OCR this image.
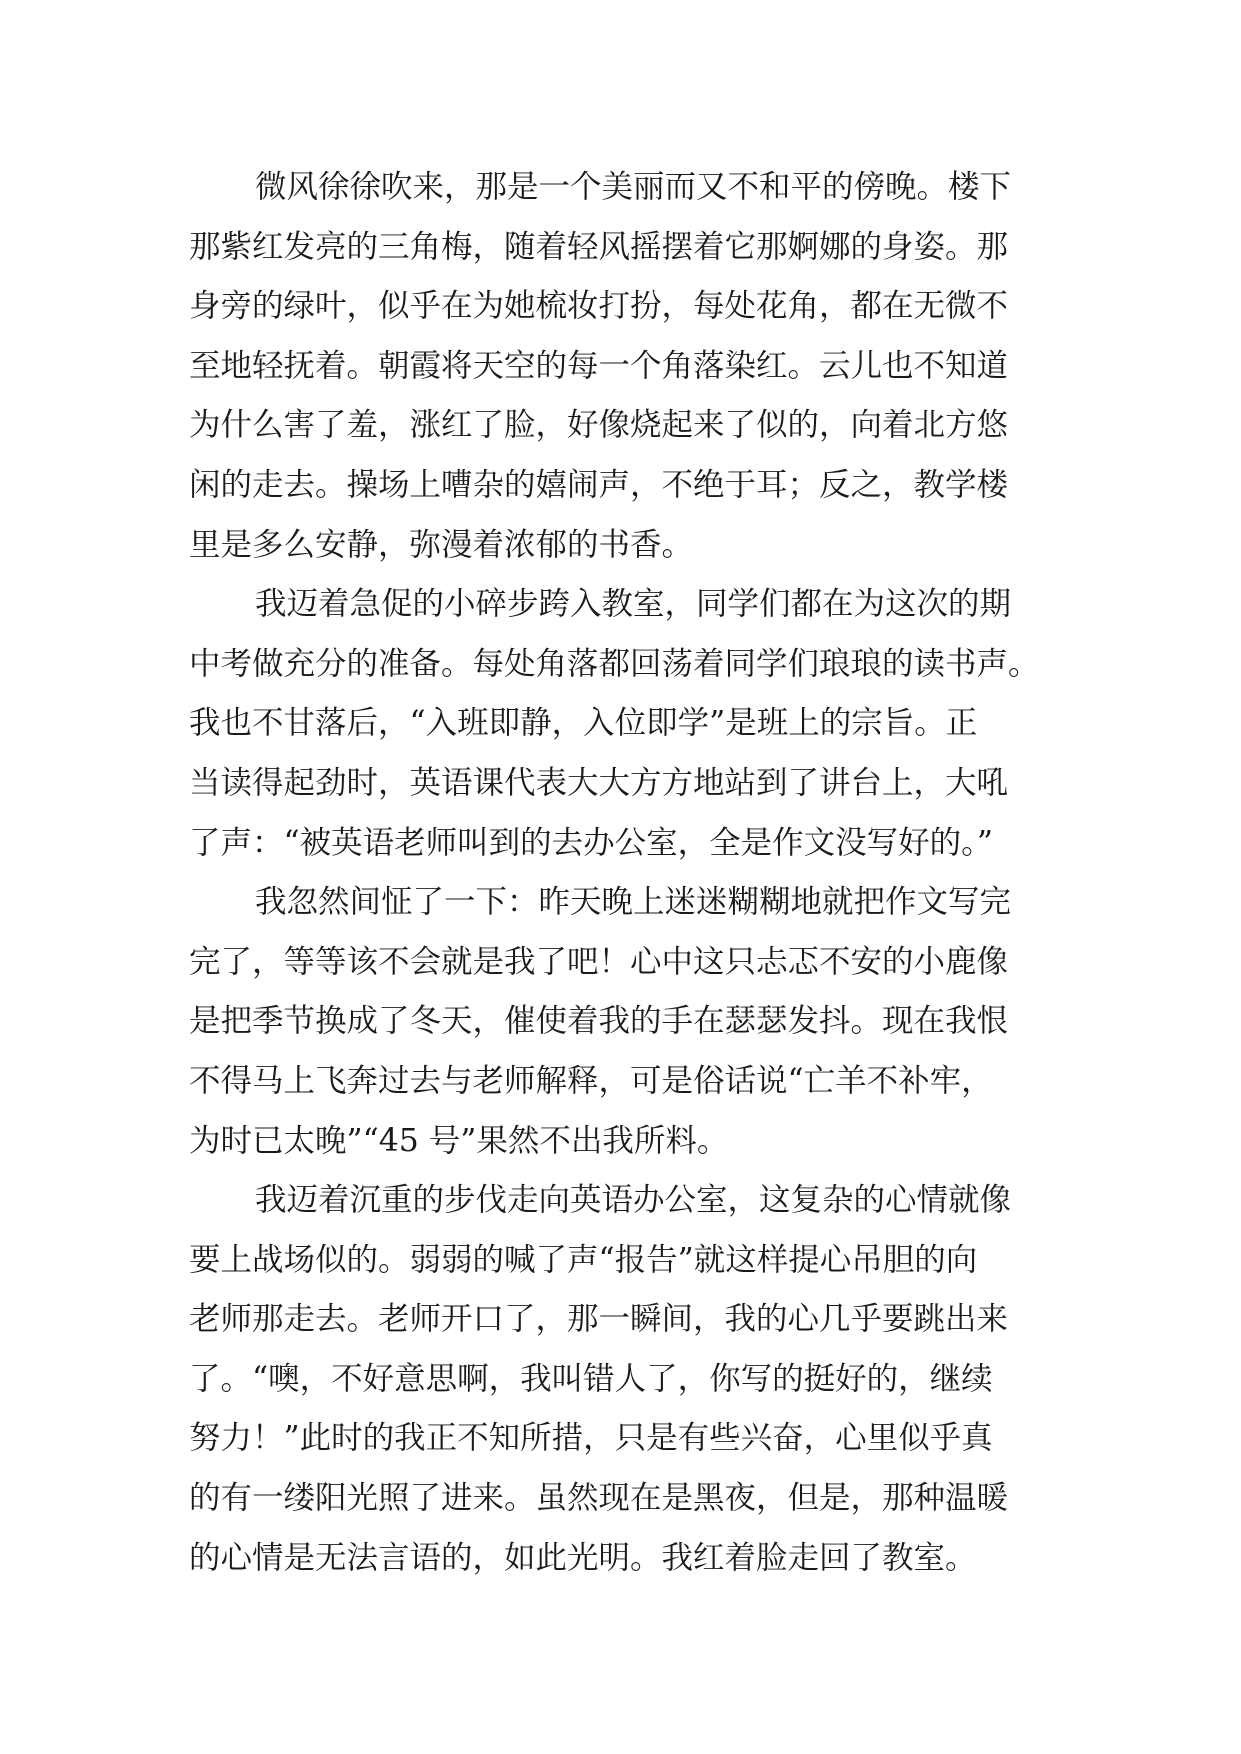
微风徐徐吹来，那是一个美丽而又不和平的傍晚。楼下
那紫红发亮的三角梅，随着轻风摇摆着它那婀娜的身姿。那
身旁的绿叶，似乎在为她梳妆打扮，每处花角，都在无微不
至地轻抚着。朝霞将天空的每一个角落染红。云儿也不知道
为什么害了羞，涨红了脸，好像烧起来了似的，向着北方悠
闲的走去。操场上嘈杂的嬉闹声，不绝于耳；反之，教学楼
里是多么安静，弥漫着浓郁的书香。
我迈着急促的小碎步跨入教室，同学们都在为这次的期
中考做充分的准备。每处角落都回荡着同学们琅琅的读书声。
我也不甘落后，“入班即静，入位即学”是班上的宗旨。正
当读得起劲时，英语课代表大大方方地站到了讲台上，大吼
了声：“被英语老师叫到的去办公室，全是作文没写好的。”
我忽然间怔了一下：昨天晚上迷迷糊糊地就把作文写完
完了，等等该不会就是我了吧！心中这只忐忑不安的小鹿像
是把季节换成了冬天，催使着我的手在瑟瑟发抖。现在我恨
不得马上飞奔过去与老师解释，可是俗话说“亡羊不补牢，
为时已太晚”“45 号”果然不出我所料。
我迈着沉重的步伐走向英语办公室，这复杂的心情就像
要上战场似的。弱弱的喊了声“报告”就这样提心吊胆的向
老师那走去。老师开口了，那一瞬间，我的心几乎要跳出来
了。“噢，不好意思啊，我叫错人了，你写的挺好的，继续
努力！”此时的我正不知所措，只是有些兴奋，心里似乎真
的有一缕阳光照了进来。虽然现在是黑夜，但是，那种温暖
的心情是无法言语的，如此光明。我红着脸走回了教室。
